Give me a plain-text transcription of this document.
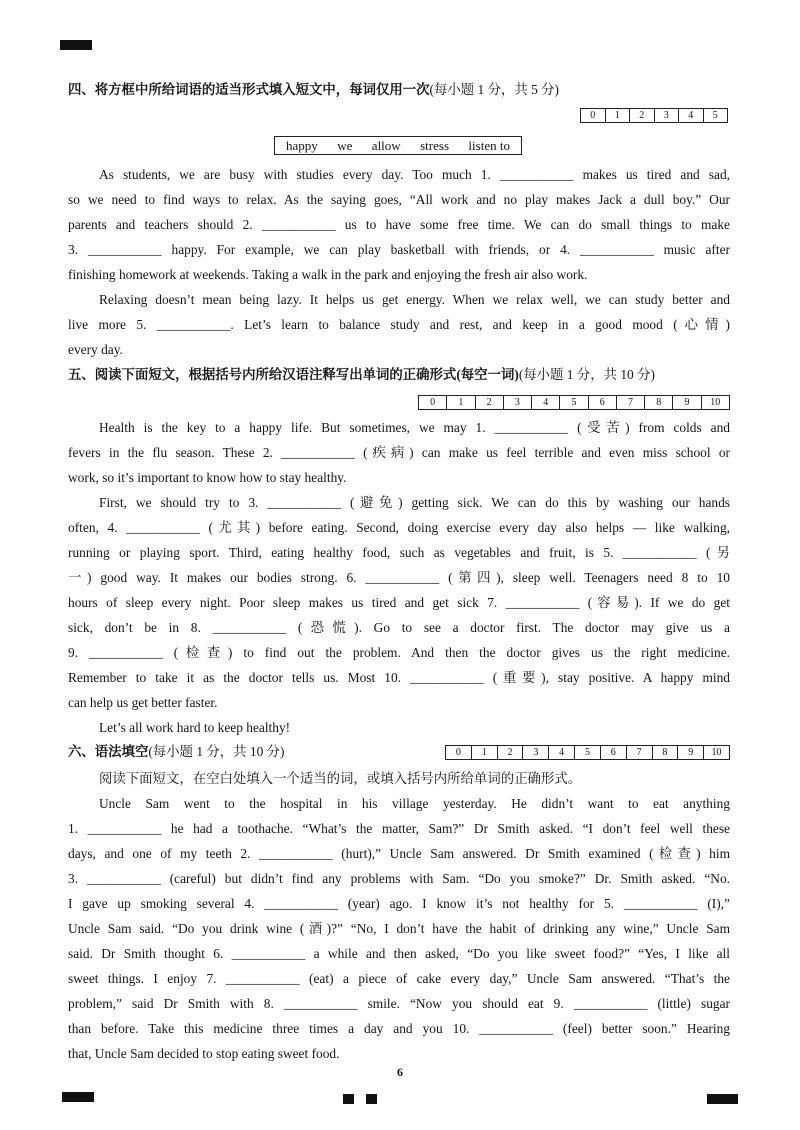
四、将方框中所给词语的适当形式填入短文中，每词仅用一次(每小题 1 分，共 5 分)
0	1	2	3	4	5
happy we allow stress listen to
As students, we are busy with studies every day. Too much 1. ___________ makes us tired and sad,
so we need to find ways to relax. As the saying goes, “All work and no play makes Jack a dull boy.” Our
parents and teachers should 2. ___________ us to have some free time. We can do small things to make
3. ___________ happy. For example, we can play basketball with friends, or 4. ___________ music after
finishing homework at weekends. Taking a walk in the park and enjoying the fresh air also work.
Relaxing doesn’t mean being lazy. It helps us get energy. When we relax well, we can study better and
live more 5. ___________. Let’s learn to balance study and rest, and keep in a good mood (心情)
every day.
五、阅读下面短文，根据括号内所给汉语注释写出单词的正确形式(每空一词)(每小题 1 分，共 10 分)
0	1	2	3	4	5	6	7	8	9	10
Health is the key to a happy life. But sometimes, we may 1. ___________ (受苦) from colds and
fevers in the flu season. These 2. ___________ (疾病) can make us feel terrible and even miss school or
work, so it’s important to know how to stay healthy.
First, we should try to 3. ___________ (避免) getting sick. We can do this by washing our hands
often, 4. ___________ (尤其) before eating. Second, doing exercise every day also helps — like walking,
running or playing sport. Third, eating healthy food, such as vegetables and fruit, is 5. ___________ (另
一) good way. It makes our bodies strong. 6. ___________ (第四), sleep well. Teenagers need 8 to 10
hours of sleep every night. Poor sleep makes us tired and get sick 7. ___________ (容易). If we do get
sick, don’t be in 8. ___________ (恐慌). Go to see a doctor first. The doctor may give us a
9. ___________ (检查) to find out the problem. And then the doctor gives us the right medicine.
Remember to take it as the doctor tells us. Most 10. ___________ (重要), stay positive. A happy mind
can help us get better faster.
Let’s all work hard to keep healthy!
六、语法填空(每小题 1 分，共 10 分)	0	1	2	3	4	5	6	7	8	9	10
阅读下面短文，在空白处填入一个适当的词，或填入括号内所给单词的正确形式。
Uncle Sam went to the hospital in his village yesterday. He didn’t want to eat anything
1. ___________ he had a toothache. “What’s the matter, Sam?” Dr Smith asked. “I don’t feel well these
days, and one of my teeth 2. ___________ (hurt),” Uncle Sam answered. Dr Smith examined (检查) him
3. ___________ (careful) but didn’t find any problems with Sam. “Do you smoke?” Dr. Smith asked. “No.
I gave up smoking several 4. ___________ (year) ago. I know it’s not healthy for 5. ___________ (I),”
Uncle Sam said. “Do you drink wine (酒)?” “No, I don’t have the habit of drinking any wine,” Uncle Sam
said. Dr Smith thought 6. ___________ a while and then asked, “Do you like sweet food?” “Yes, I like all
sweet things. I enjoy 7. ___________ (eat) a piece of cake every day,” Uncle Sam answered. “That’s the
problem,” said Dr Smith with 8. ___________ smile. “Now you should eat 9. ___________ (little) sugar
than before. Take this medicine three times a day and you 10. ___________ (feel) better soon.” Hearing
that, Uncle Sam decided to stop eating sweet food.
6
